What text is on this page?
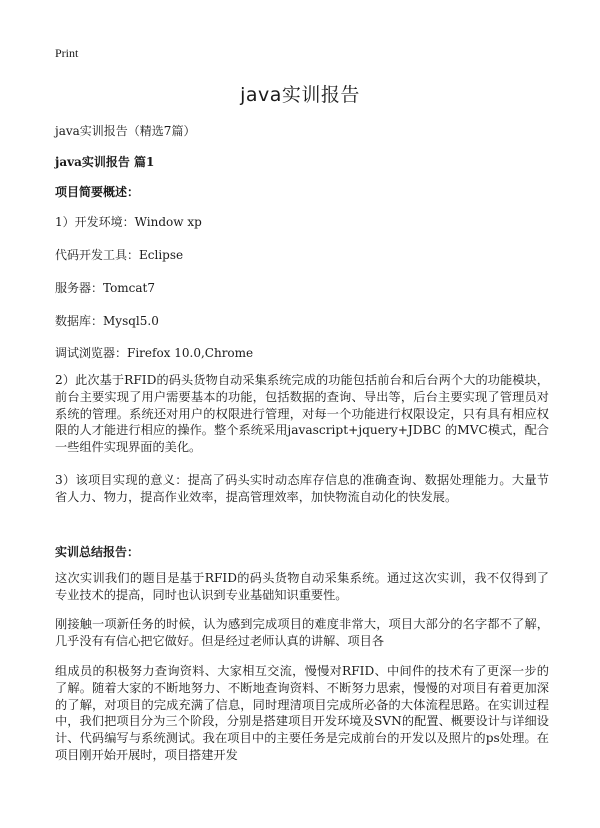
Print
java实训报告
java实训报告（精选7篇）
java实训报告 篇1
项目简要概述：
1）开发环境：Window xp
代码开发工具：Eclipse
服务器：Tomcat7
数据库：Mysql5.0
调试浏览器：Firefox 10.0,Chrome
2）此次基于RFID的码头货物自动采集系统完成的功能包括前台和后台两个大的功能模块，前台主要实现了用户需要基本的功能，包括数据的查询、导出等，后台主要实现了管理员对系统的管理。系统还对用户的权限进行管理，对每一个功能进行权限设定，只有具有相应权限的人才能进行相应的操作。整个系统采用javascript+jquery+JDBC 的MVC模式，配合一些组件实现界面的美化。
3）该项目实现的意义：提高了码头实时动态库存信息的准确查询、数据处理能力。大量节省人力、物力，提高作业效率，提高管理效率，加快物流自动化的快发展。
实训总结报告：
这次实训我们的题目是基于RFID的码头货物自动采集系统。通过这次实训，我不仅得到了专业技术的提高，同时也认识到专业基础知识重要性。
刚接触一项新任务的时候，认为感到完成项目的难度非常大，项目大部分的名字都不了解，几乎没有有信心把它做好。但是经过老师认真的讲解、项目各
组成员的积极努力查询资料、大家相互交流，慢慢对RFID、中间件的技术有了更深一步的了解。随着大家的不断地努力、不断地查询资料、不断努力思索，慢慢的对项目有着更加深的了解，对项目的完成充满了信息，同时理清项目完成所必备的大体流程思路。在实训过程中，我们把项目分为三个阶段，分别是搭建项目开发环境及SVN的配置、概要设计与详细设计、代码编写与系统测试。我在项目中的主要任务是完成前台的开发以及照片的ps处理。在项目刚开始开展时，项目搭建开发
